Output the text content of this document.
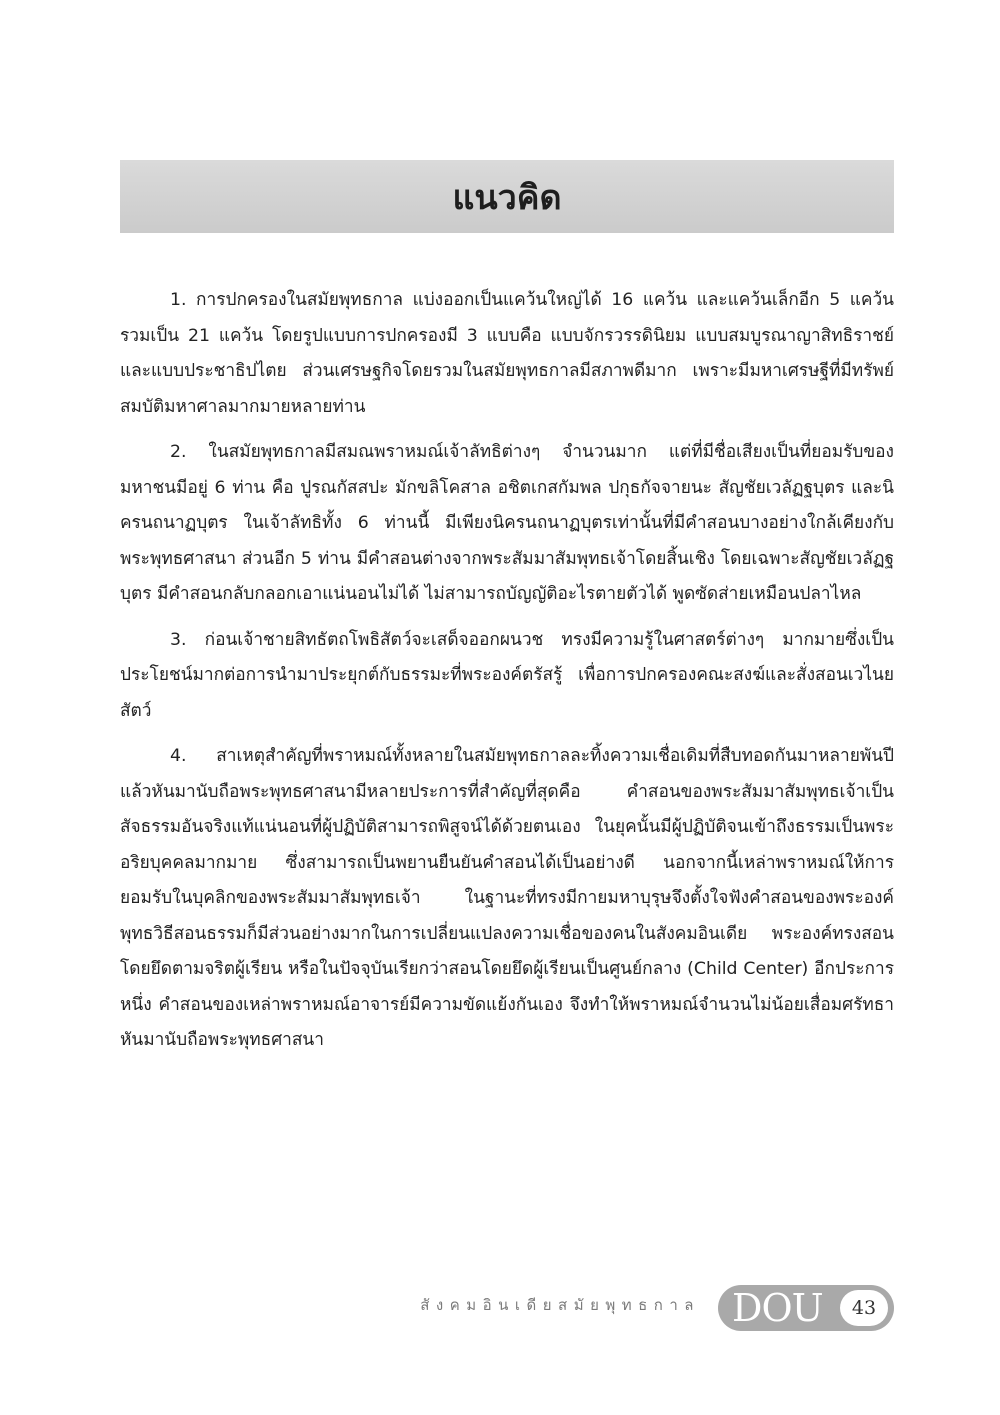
แนวคิด

1. การปกครองในสมัยพุทธกาล แบ่งออกเป็นแคว้นใหญ่ได้ 16 แคว้น และแคว้นเล็กอีก 5 แคว้น รวมเป็น 21 แคว้น โดยรูปแบบการปกครองมี 3 แบบคือ แบบจักรวรรดินิยม แบบสมบูรณาญาสิทธิราชย์ และแบบประชาธิปไตย ส่วนเศรษฐกิจโดยรวมในสมัยพุทธกาลมีสภาพดีมาก เพราะมีมหาเศรษฐีที่มีทรัพย์สมบัติมหาศาลมากมายหลายท่าน

2. ในสมัยพุทธกาลมีสมณพราหมณ์เจ้าลัทธิต่างๆ จำนวนมาก แต่ที่มีชื่อเสียงเป็นที่ยอมรับของมหาชนมีอยู่ 6 ท่าน คือ ปูรณกัสสปะ มักขลิโคสาล อชิตเกสกัมพล ปกุธกัจจายนะ สัญชัยเวลัฏฐบุตร และนิครนถนาฏบุตร ในเจ้าลัทธิทั้ง 6 ท่านนี้ มีเพียงนิครนถนาฏบุตรเท่านั้นที่มีคำสอนบางอย่างใกล้เคียงกับพระพุทธศาสนา ส่วนอีก 5 ท่าน มีคำสอนต่างจากพระสัมมาสัมพุทธเจ้าโดยสิ้นเชิง โดยเฉพาะสัญชัยเวลัฏฐบุตร มีคำสอนกลับกลอกเอาแน่นอนไม่ได้ ไม่สามารถบัญญัติอะไรตายตัวได้ พูดซัดส่ายเหมือนปลาไหล

3. ก่อนเจ้าชายสิทธัตถโพธิสัตว์จะเสด็จออกผนวช ทรงมีความรู้ในศาสตร์ต่างๆ มากมายซึ่งเป็นประโยชน์มากต่อการนำมาประยุกต์กับธรรมะที่พระองค์ตรัสรู้ เพื่อการปกครองคณะสงฆ์และสั่งสอนเวไนยสัตว์

4. สาเหตุสำคัญที่พราหมณ์ทั้งหลายในสมัยพุทธกาลละทิ้งความเชื่อเดิมที่สืบทอดกันมาหลายพันปี แล้วหันมานับถือพระพุทธศาสนามีหลายประการที่สำคัญที่สุดคือ คำสอนของพระสัมมาสัมพุทธเจ้าเป็นสัจธรรมอันจริงแท้แน่นอนที่ผู้ปฏิบัติสามารถพิสูจน์ได้ด้วยตนเอง ในยุคนั้นมีผู้ปฏิบัติจนเข้าถึงธรรมเป็นพระอริยบุคคลมากมาย ซึ่งสามารถเป็นพยานยืนยันคำสอนได้เป็นอย่างดี นอกจากนี้เหล่าพราหมณ์ให้การยอมรับในบุคลิกของพระสัมมาสัมพุทธเจ้า ในฐานะที่ทรงมีกายมหาบุรุษจึงตั้งใจฟังคำสอนของพระองค์ พุทธวิธีสอนธรรมก็มีส่วนอย่างมากในการเปลี่ยนแปลงความเชื่อของคนในสังคมอินเดีย พระองค์ทรงสอนโดยยึดตามจริตผู้เรียน หรือในปัจจุบันเรียกว่าสอนโดยยึดผู้เรียนเป็นศูนย์กลาง (Child Center) อีกประการหนึ่ง คำสอนของเหล่าพราหมณ์อาจารย์มีความขัดแย้งกันเอง จึงทำให้พราหมณ์จำนวนไม่น้อยเสื่อมศรัทธาหันมานับถือพระพุทธศาสนา

สังคมอินเดียสมัยพุทธกาล DOU	43
